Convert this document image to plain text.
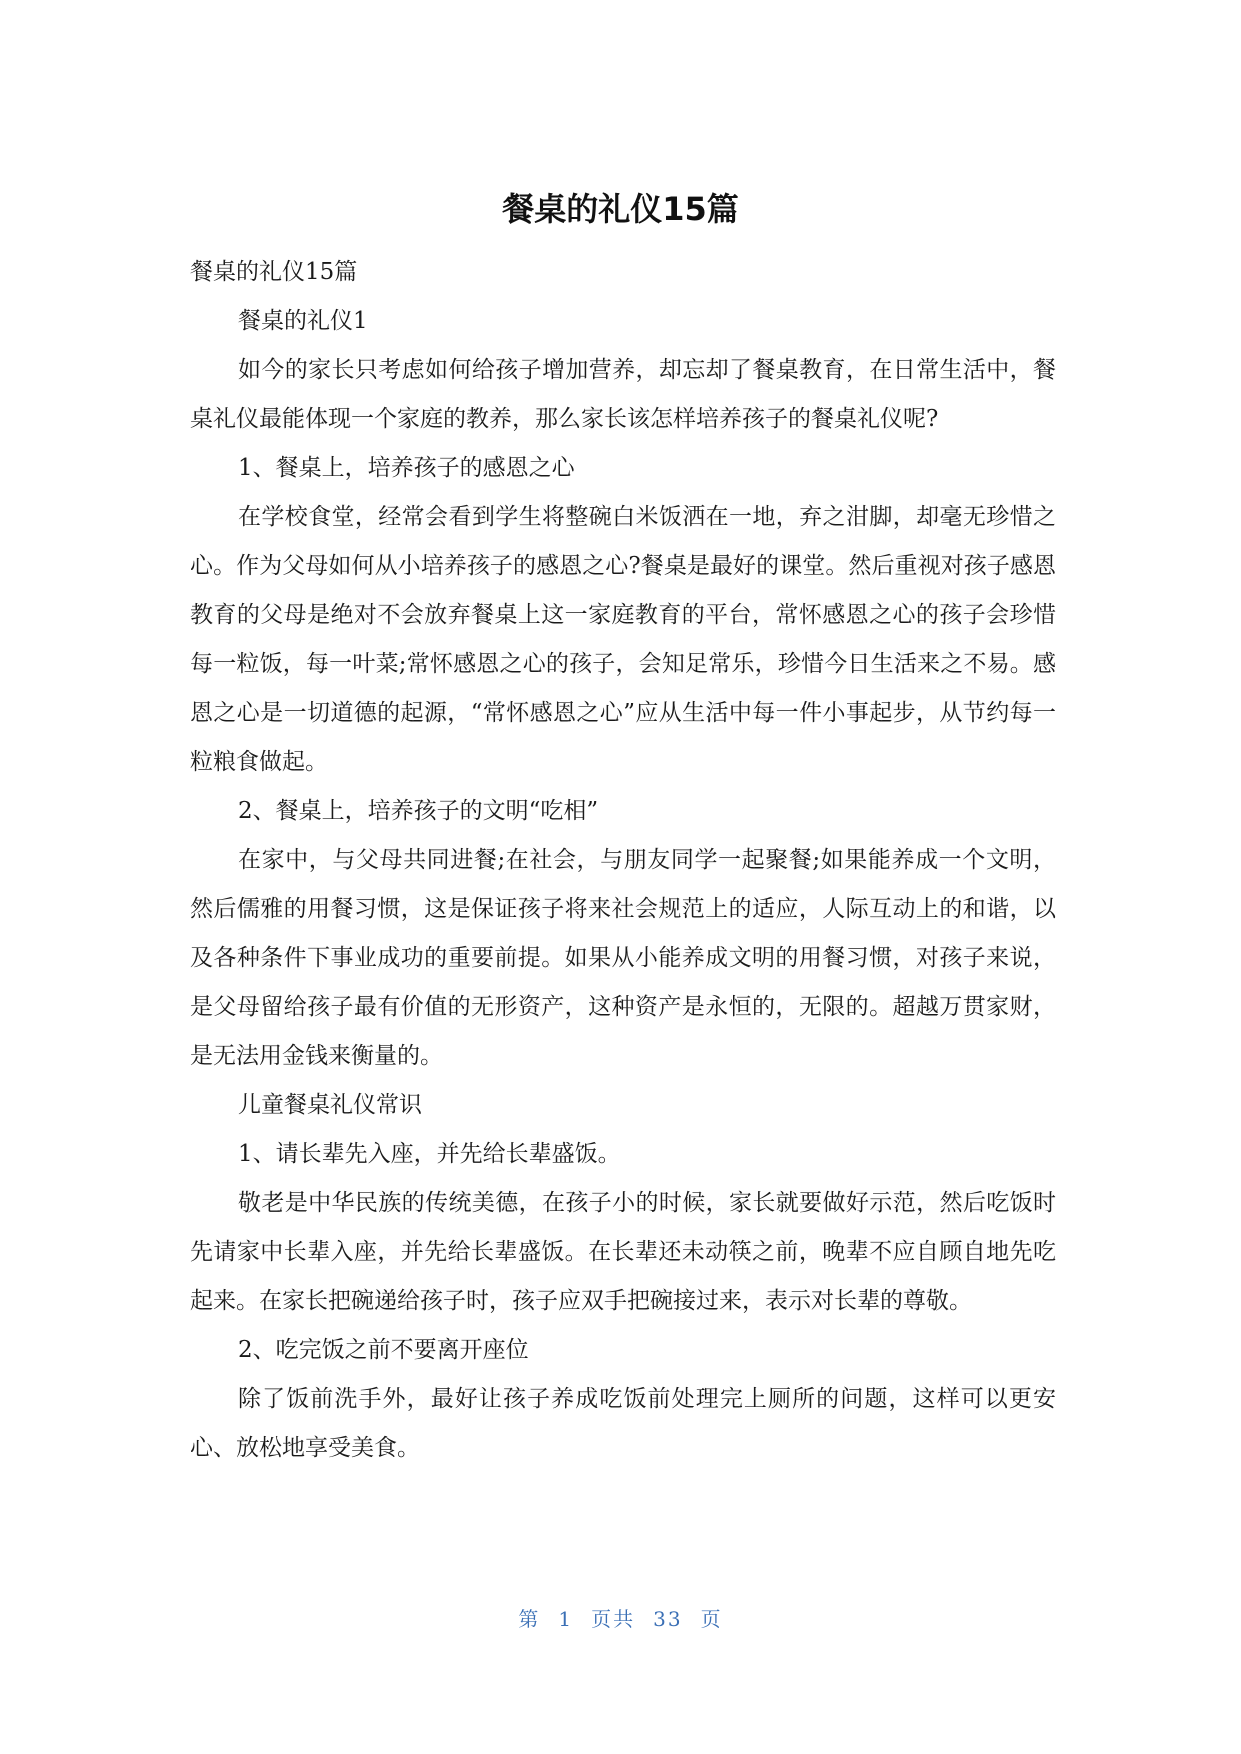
餐桌的礼仪15篇

餐桌的礼仪15篇

餐桌的礼仪1

如今的家长只考虑如何给孩子增加营养，却忘却了餐桌教育，在日常生活中，餐桌礼仪最能体现一个家庭的教养，那么家长该怎样培养孩子的餐桌礼仪呢?

1、餐桌上，培养孩子的感恩之心

在学校食堂，经常会看到学生将整碗白米饭洒在一地，弃之泔脚，却毫无珍惜之心。作为父母如何从小培养孩子的感恩之心?餐桌是最好的课堂。然后重视对孩子感恩教育的父母是绝对不会放弃餐桌上这一家庭教育的平台，常怀感恩之心的孩子会珍惜每一粒饭，每一叶菜;常怀感恩之心的孩子，会知足常乐，珍惜今日生活来之不易。感恩之心是一切道德的起源，“常怀感恩之心”应从生活中每一件小事起步，从节约每一粒粮食做起。

2、餐桌上，培养孩子的文明“吃相”

在家中，与父母共同进餐;在社会，与朋友同学一起聚餐;如果能养成一个文明，然后儒雅的用餐习惯，这是保证孩子将来社会规范上的适应，人际互动上的和谐，以及各种条件下事业成功的重要前提。如果从小能养成文明的用餐习惯，对孩子来说，是父母留给孩子最有价值的无形资产，这种资产是永恒的，无限的。超越万贯家财，是无法用金钱来衡量的。

儿童餐桌礼仪常识

1、请长辈先入座，并先给长辈盛饭。

敬老是中华民族的传统美德，在孩子小的时候，家长就要做好示范，然后吃饭时先请家中长辈入座，并先给长辈盛饭。在长辈还未动筷之前，晚辈不应自顾自地先吃起来。在家长把碗递给孩子时，孩子应双手把碗接过来，表示对长辈的尊敬。

2、吃完饭之前不要离开座位

除了饭前洗手外，最好让孩子养成吃饭前处理完上厕所的问题，这样可以更安心、放松地享受美食。

第 1 页共 33 页
